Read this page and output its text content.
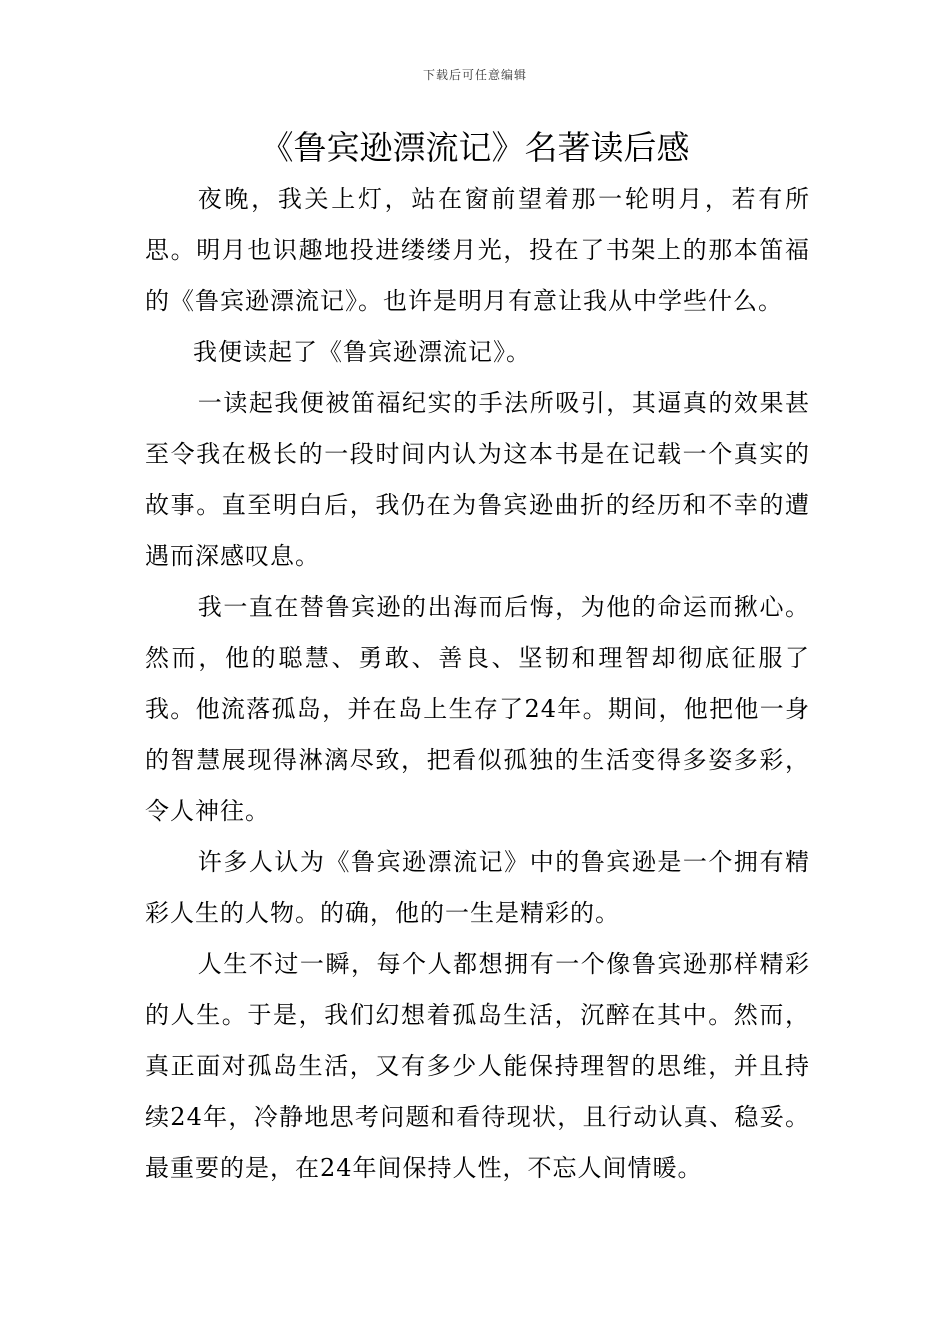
下载后可任意编辑
《鲁宾逊漂流记》名著读后感

夜晚，我关上灯，站在窗前望着那一轮明月，若有所思。明月也识趣地投进缕缕月光，投在了书架上的那本笛福的《鲁宾逊漂流记》。也许是明月有意让我从中学些什么。

我便读起了《鲁宾逊漂流记》。

一读起我便被笛福纪实的手法所吸引，其逼真的效果甚至令我在极长的一段时间内认为这本书是在记载一个真实的故事。直至明白后，我仍在为鲁宾逊曲折的经历和不幸的遭遇而深感叹息。

我一直在替鲁宾逊的出海而后悔，为他的命运而揪心。然而，他的聪慧、勇敢、善良、坚韧和理智却彻底征服了我。他流落孤岛，并在岛上生存了24年。期间，他把他一身的智慧展现得淋漓尽致，把看似孤独的生活变得多姿多彩，令人神往。

许多人认为《鲁宾逊漂流记》中的鲁宾逊是一个拥有精彩人生的人物。的确，他的一生是精彩的。

人生不过一瞬，每个人都想拥有一个像鲁宾逊那样精彩的人生。于是，我们幻想着孤岛生活，沉醉在其中。然而，真正面对孤岛生活，又有多少人能保持理智的思维，并且持续24年，冷静地思考问题和看待现状，且行动认真、稳妥。最重要的是，在24年间保持人性，不忘人间情暖。
